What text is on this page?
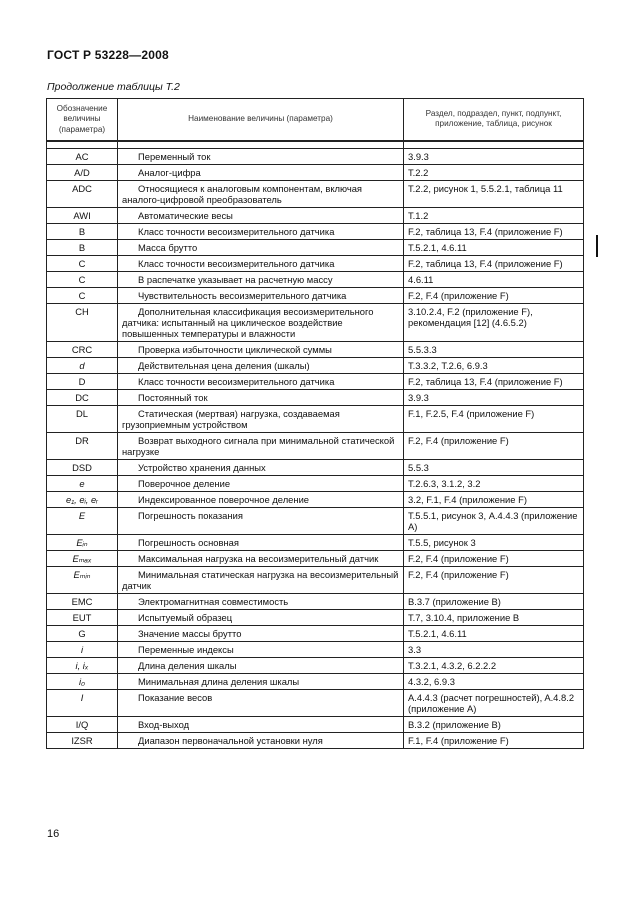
ГОСТ Р 53228—2008
Продолжение таблицы Т.2
Обозначение величины (параметра)	Наименование величины (параметра)	Раздел, подраздел, пункт, подпункт, приложение, таблица, рисунок

AC	Переменный ток	3.9.3
A/D	Аналог-цифра	Т.2.2
ADC	Относящиеся к аналоговым компонентам, включая аналого-цифровой преобразователь	Т.2.2, рисунок 1, 5.5.2.1, таблица 11
AWI	Автоматические весы	Т.1.2
B	Класс точности весоизмерительного датчика	F.2, таблица 13, F.4 (приложение F)
B	Масса брутто	Т.5.2.1, 4.6.11
C	Класс точности весоизмерительного датчика	F.2, таблица 13, F.4 (приложение F)
C	В распечатке указывает на расчетную массу	4.6.11
C	Чувствительность весоизмерительного датчика	F.2, F.4 (приложение F)
CH	Дополнительная классификация весоизмерительного датчика: испытанный на циклическое воздействие повышенных температуры и влажности	3.10.2.4, F.2 (приложение F), рекомендация [12] (4.6.5.2)
CRC	Проверка избыточности циклической суммы	5.5.3.3
d	Действительная цена деления (шкалы)	Т.3.3.2, Т.2.6, 6.9.3
D	Класс точности весоизмерительного датчика	F.2, таблица 13, F.4 (приложение F)
DC	Постоянный ток	3.9.3
DL	Статическая (мертвая) нагрузка, создаваемая грузоприемным устройством	F.1, F.2.5, F.4 (приложение F)
DR	Возврат выходного сигнала при минимальной статической нагрузке	F.2, F.4 (приложение F)
DSD	Устройство хранения данных	5.5.3
e	Поверочное деление	Т.2.6.3, 3.1.2, 3.2
e₁, eᵢ, eᵣ	Индексированное поверочное деление	3.2, F.1, F.4 (приложение F)
E	Погрешность показания	Т.5.5.1, рисунок 3, A.4.4.3 (приложение A)
Eᵢₙ	Погрешность основная	Т.5.5, рисунок 3
Eₘₐₓ	Максимальная нагрузка на весоизмерительный датчик	F.2, F.4 (приложение F)
Eₘᵢₙ	Минимальная статическая нагрузка на весоизмерительный датчик	F.2, F.4 (приложение F)
EMC	Электромагнитная совместимость	B.3.7 (приложение B)
EUT	Испытуемый образец	Т.7, 3.10.4, приложение B
G	Значение массы брутто	Т.5.2.1, 4.6.11
i	Переменные индексы	3.3
i, iₓ	Длина деления шкалы	Т.3.2.1, 4.3.2, 6.2.2.2
i₀	Минимальная длина деления шкалы	4.3.2, 6.9.3
I	Показание весов	A.4.4.3 (расчет погрешностей), A.4.8.2 (приложение A)
I/Q	Вход-выход	B.3.2 (приложение B)
IZSR	Диапазон первоначальной установки нуля	F.1, F.4 (приложение F)
16
